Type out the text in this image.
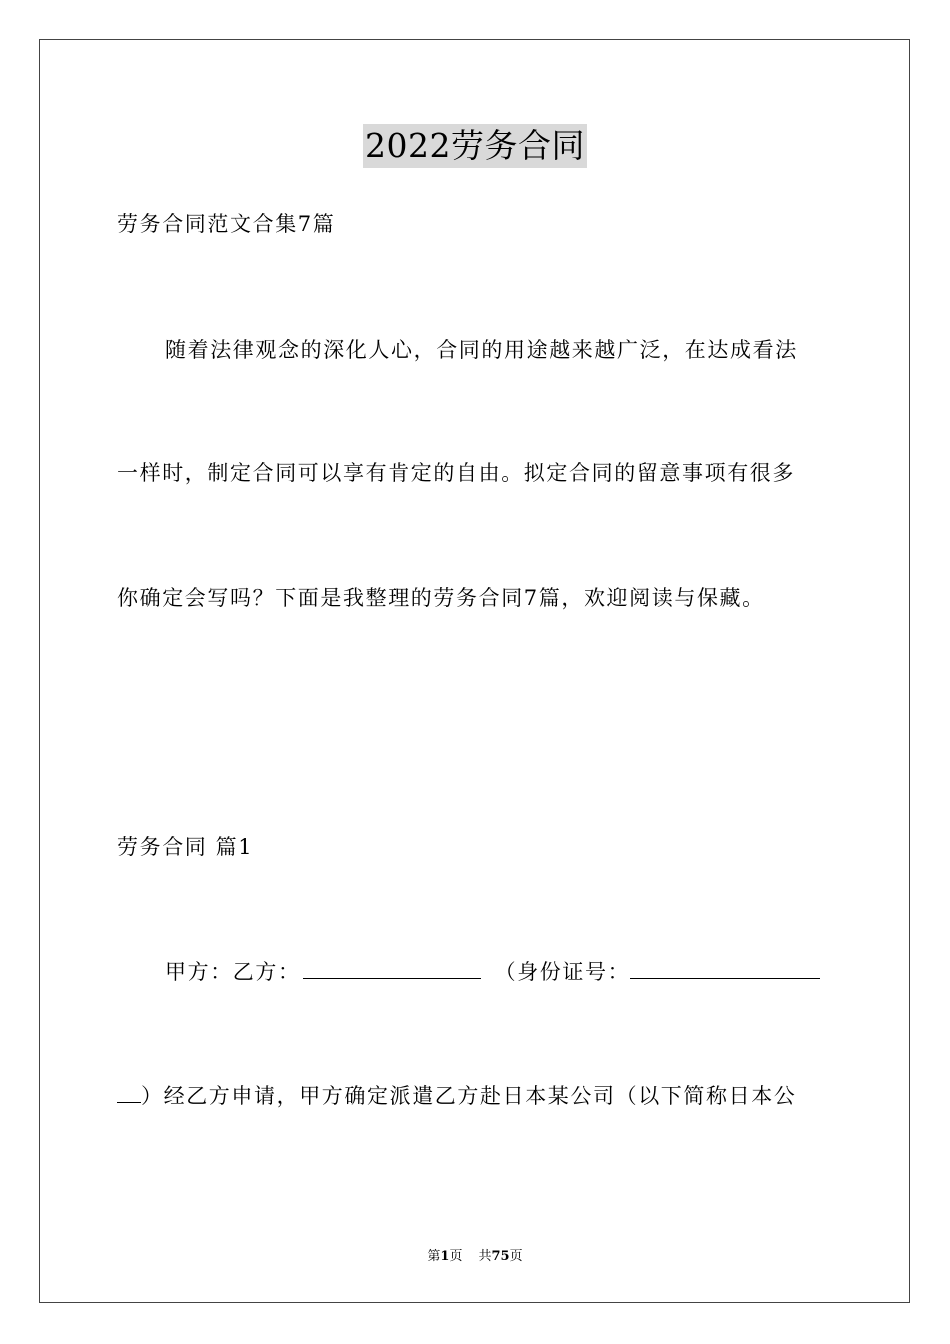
2022劳务合同
劳务合同范文合集7篇
随着法律观念的深化人心，合同的用途越来越广泛，在达成看法
一样时，制定合同可以享有肯定的自由。拟定合同的留意事项有很多
你确定会写吗？下面是我整理的劳务合同7篇，欢迎阅读与保藏。
劳务合同 篇1
甲方：乙方：	（身份证号：
）经乙方申请，甲方确定派遣乙方赴日本某公司（以下简称日本公
第1页 共75页
